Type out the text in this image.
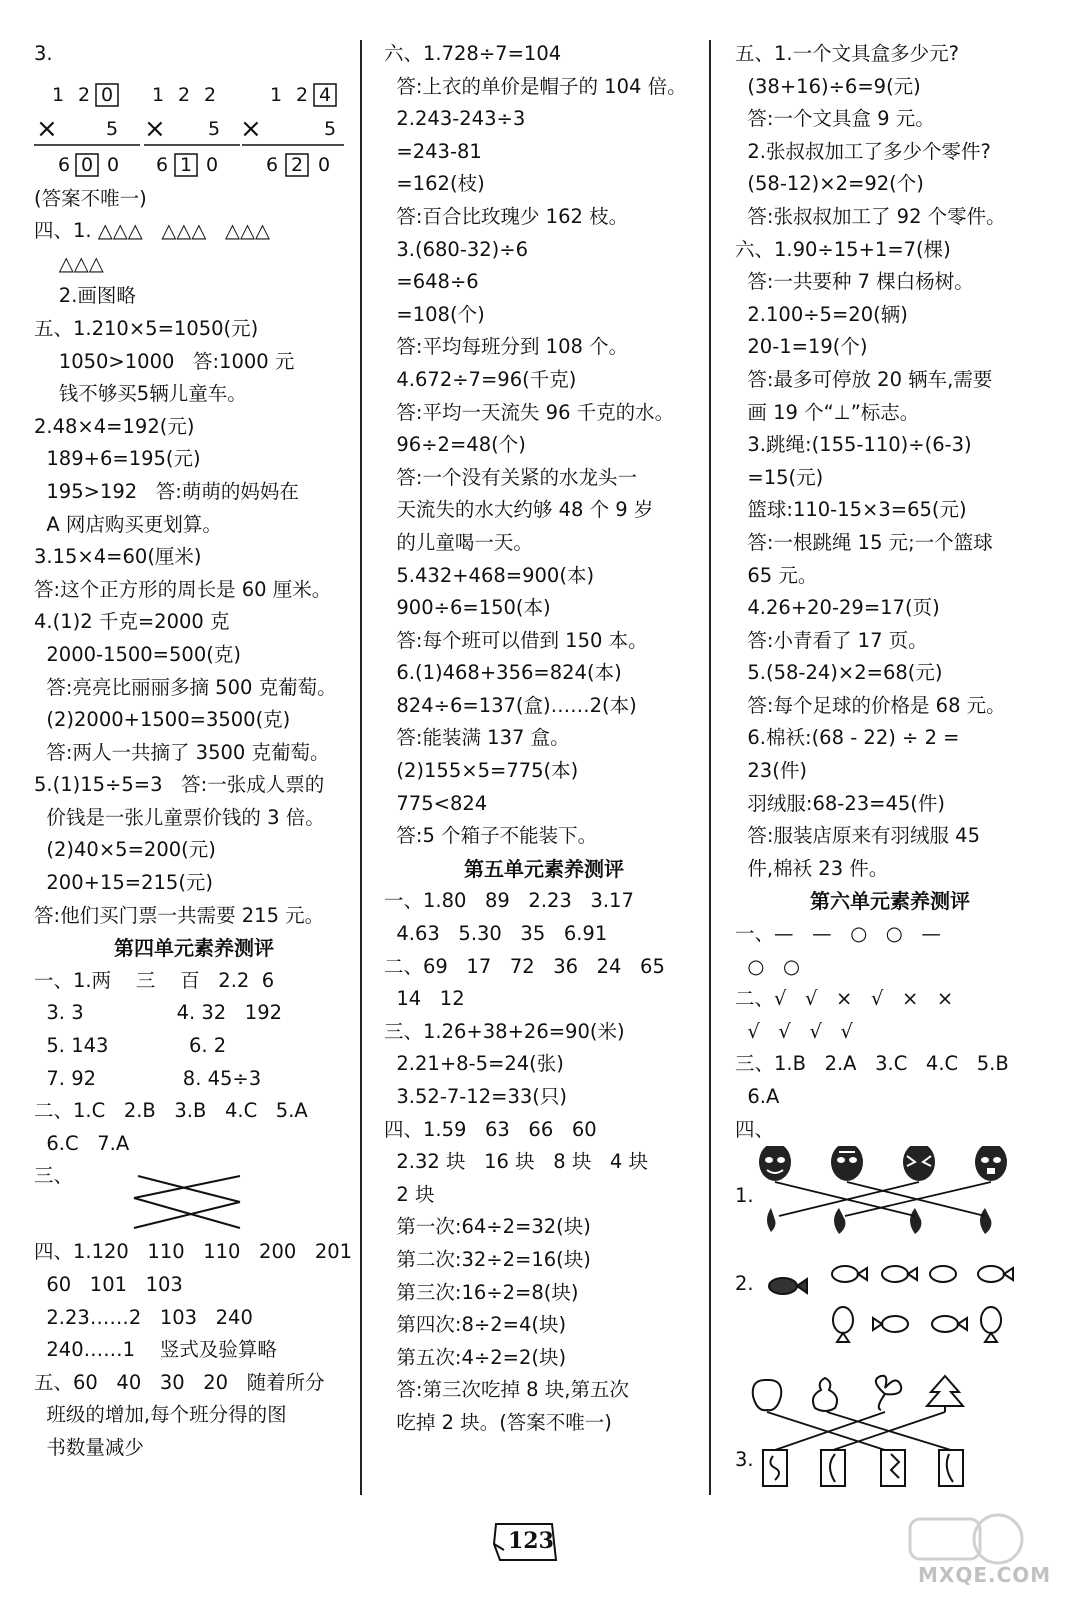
3.
1 2 0
×	5
6 0 0
1 2 2
× 5
6 1 0
1 2 4
×	5
6 2 0
(答案不唯一)
四、1. △△△   △△△   △△△
△△△
2.画图略
五、1.210×5=1050(元)
1050>1000   答:1000 元
钱不够买5辆儿童车。
2.48×4=192(元)
189+6=195(元)
195>192   答:萌萌的妈妈在
A 网店购买更划算。
3.15×4=60(厘米)
答:这个正方形的周长是 60 厘米。
4.(1)2 千克=2000 克
2000-1500=500(克)
答:亮亮比丽丽多摘 500 克葡萄。
(2)2000+1500=3500(克)
答:两人一共摘了 3500 克葡萄。
5.(1)15÷5=3   答:一张成人票的
价钱是一张儿童票价钱的 3 倍。
(2)40×5=200(元)
200+15=215(元)
答:他们买门票一共需要 215 元。
第四单元素养测评
一、1.两    三    百   2.2  6
3. 3               4. 32   192
5. 143             6. 2
7. 92              8. 45÷3
二、1.C   2.B   3.B   4.C   5.A
6.C   7.A
三、
四、1.120   110   110   200   201
60   101   103
2.23……2   103   240
240……1    竖式及验算略
五、60   40   30   20   随着所分
班级的增加,每个班分得的图
书数量减少
六、1.728÷7=104
答:上衣的单价是帽子的 104 倍。
2.243-243÷3
=243-81
=162(枝)
答:百合比玫瑰少 162 枝。
3.(680-32)÷6
=648÷6
=108(个)
答:平均每班分到 108 个。
4.672÷7=96(千克)
答:平均一天流失 96 千克的水。
96÷2=48(个)
答:一个没有关紧的水龙头一
天流失的水大约够 48 个 9 岁
的儿童喝一天。
5.432+468=900(本)
900÷6=150(本)
答:每个班可以借到 150 本。
6.(1)468+356=824(本)
824÷6=137(盒)……2(本)
答:能装满 137 盒。
(2)155×5=775(本)
775<824
答:5 个箱子不能装下。
第五单元素养测评
一、1.80   89   2.23   3.17
4.63   5.30   35   6.91
二、69   17   72   36   24   65
14   12
三、1.26+38+26=90(米)
2.21+8-5=24(张)
3.52-7-12=33(只)
四、1.59   63   66   60
2.32 块   16 块   8 块   4 块
2 块
第一次:64÷2=32(块)
第二次:32÷2=16(块)
第三次:16÷2=8(块)
第四次:8÷2=4(块)
第五次:4÷2=2(块)
答:第三次吃掉 8 块,第五次
吃掉 2 块。(答案不唯一)
五、1.一个文具盒多少元?
(38+16)÷6=9(元)
答:一个文具盒 9 元。
2.张叔叔加工了多少个零件?
(58-12)×2=92(个)
答:张叔叔加工了 92 个零件。
六、1.90÷15+1=7(棵)
答:一共要种 7 棵白杨树。
2.100÷5=20(辆)
20-1=19(个)
答:最多可停放 20 辆车,需要
画 19 个“⊥”标志。
3.跳绳:(155-110)÷(6-3)
=15(元)
篮球:110-15×3=65(元)
答:一根跳绳 15 元;一个篮球
65 元。
4.26+20-29=17(页)
答:小青看了 17 页。
5.(58-24)×2=68(元)
答:每个足球的价格是 68 元。
6.棉袄:(68 - 22) ÷ 2 =
23(件)
羽绒服:68-23=45(件)
答:服装店原来有羽绒服 45
件,棉袄 23 件。
第六单元素养测评
一、—   —   ○   ○   —
○   ○
二、√   √   ×   √   ×   ×
√   √   √   √
三、1.B   2.A   3.C   4.C   5.B
6.A
四、
1.
2.
3.
123
MXQE.COM
